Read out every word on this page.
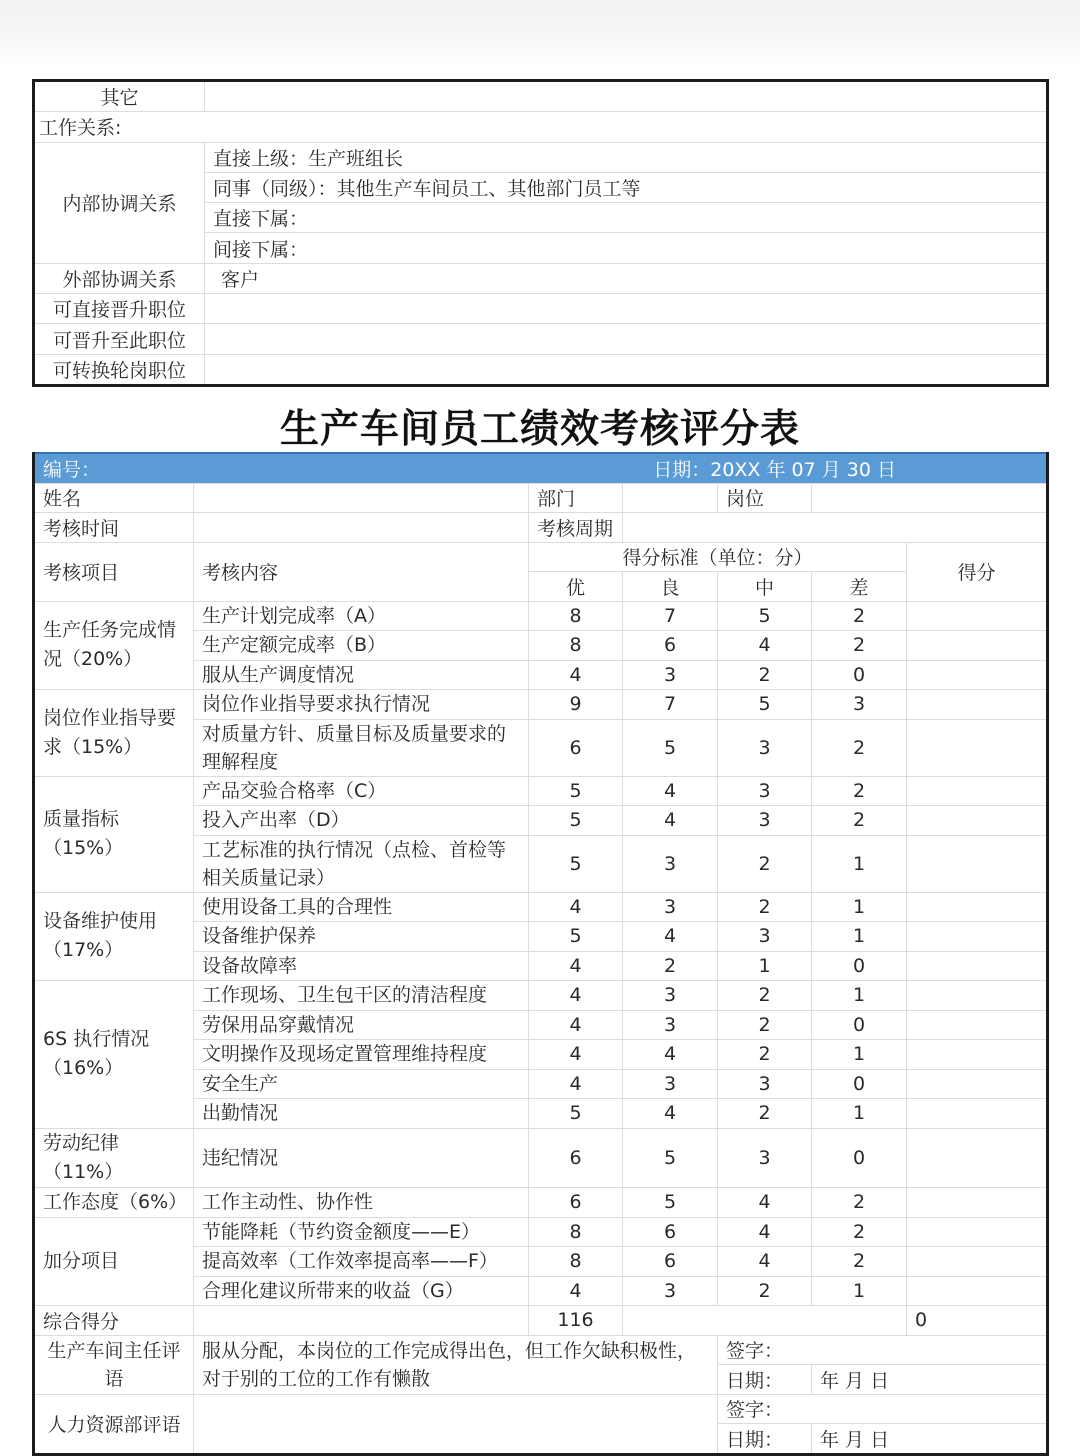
其它	
工作关系:	
内部协调关系	直接上级：生产班组长
	同事（同级）：其他生产车间员工、其他部门员工等
	直接下属：
	间接下属：
外部协调关系	客户
可直接晋升职位	
可晋升至此职位	
可转换轮岗职位	
生产车间员工绩效考核评分表
编号：		日期：20XX 年 07 月 30 日				
姓名		部门		岗位		
考核时间		考核周期				
考核项目	考核内容	得分标准（单位：分）				得分
		优	良	中	差	
生产任务完成情况（20%）	生产计划完成率（A）	8	7	5	2	
	生产定额完成率（B）	8	6	4	2	
	服从生产调度情况	4	3	2	0	
岗位作业指导要求（15%）	岗位作业指导要求执行情况	9	7	5	3	
	对质量方针、质量目标及质量要求的理解程度	6	5	3	2	
质量指标（15%）	产品交验合格率（C）	5	4	3	2	
	投入产出率（D）	5	4	3	2	
	工艺标准的执行情况（点检、首检等相关质量记录）	5	3	2	1	
设备维护使用（17%）	使用设备工具的合理性	4	3	2	1	
	设备维护保养	5	4	3	1	
	设备故障率	4	2	1	0	
6S 执行情况（16%）	工作现场、卫生包干区的清洁程度	4	3	2	1	
	劳保用品穿戴情况	4	3	2	0	
	文明操作及现场定置管理维持程度	4	4	2	1	
	安全生产	4	3	3	0	
	出勤情况	5	4	2	1	
劳动纪律（11%）	违纪情况	6	5	3	0	
工作态度（6%）	工作主动性、协作性	6	5	4	2	
加分项目	节能降耗（节约资金额度——E）	8	6	4	2	
	提高效率（工作效率提高率——F）	8	6	4	2	
	合理化建议所带来的收益（G）	4	3	2	1	
综合得分		116				0
生产车间主任评语	服从分配，本岗位的工作完成得出色，但工作欠缺积极性，对于别的工位的工作有懒散			签字：		
				日期：	年 月 日	
人力资源部评语				签字：		
				日期：	年 月 日	
